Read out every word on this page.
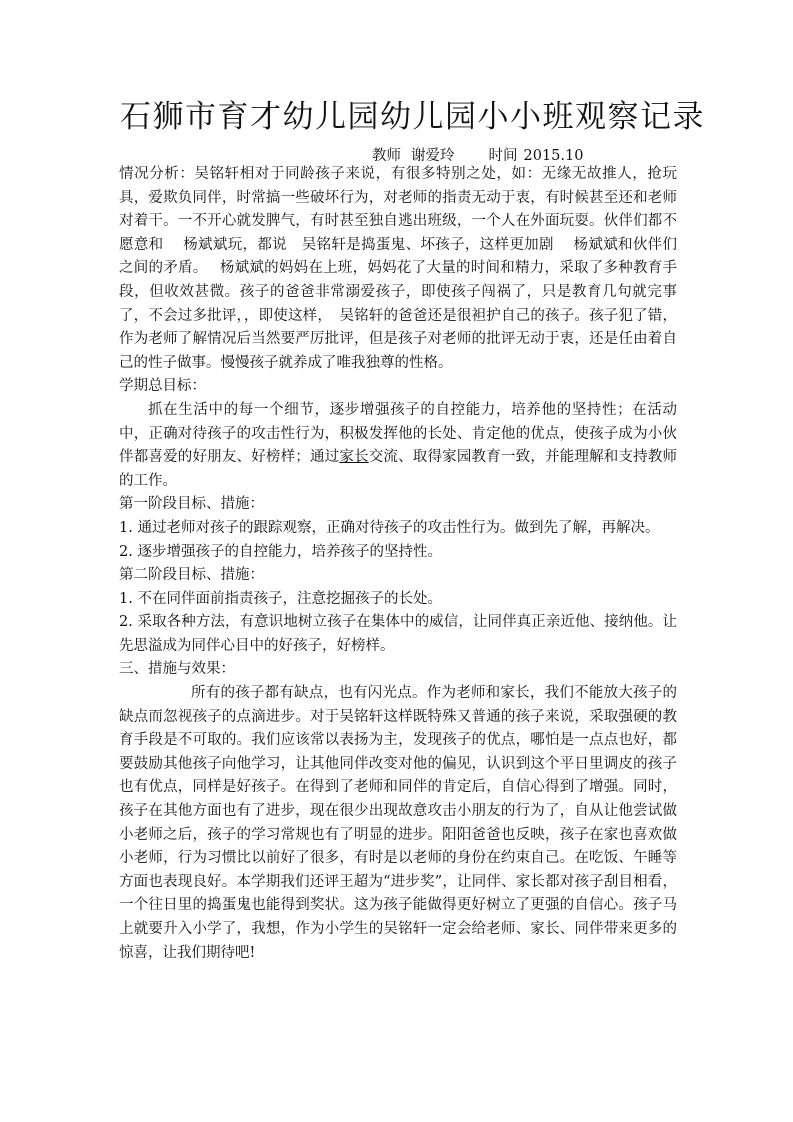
石狮市育才幼儿园幼儿园小小班观察记录
教师 谢爱玲 时间 2015.10

情况分析：吴铭轩相对于同龄孩子来说，有很多特别之处，如：无缘无故推人，抢玩具，爱欺负同伴，时常搞一些破坏行为，对老师的指责无动于衷，有时候甚至还和老师对着干。一不开心就发脾气，有时甚至独自逃出班级，一个人在外面玩耍。伙伴们都不愿意和　 杨斌斌玩，都说　吴铭轩是捣蛋鬼、坏孩子，这样更加剧　 杨斌斌和伙伴们之间的矛盾。　 杨斌斌的妈妈在上班，妈妈花了大量的时间和精力，采取了多种教育手段，但收效甚微。孩子的爸爸非常溺爱孩子，即使孩子闯祸了，只是教育几句就完事了，不会过多批评，，即使这样，　吴铭轩的爸爸还是很袒护自己的孩子。孩子犯了错，作为老师了解情况后当然要严厉批评，但是孩子对老师的批评无动于衷，还是任由着自己的性子做事。慢慢孩子就养成了唯我独尊的性格。

学期总目标：

抓在生活中的每一个细节，逐步增强孩子的自控能力，培养他的坚持性；在活动中，正确对待孩子的攻击性行为，积极发挥他的长处、肯定他的优点，使孩子成为小伙伴都喜爱的好朋友、好榜样；通过家长交流、取得家园教育一致，并能理解和支持教师的工作。

第一阶段目标、措施：

1. 通过老师对孩子的跟踪观察，正确对待孩子的攻击性行为。做到先了解，再解决。

2. 逐步增强孩子的自控能力，培养孩子的坚持性。

第二阶段目标、措施：

1. 不在同伴面前指责孩子，注意挖掘孩子的长处。

2. 采取各种方法，有意识地树立孩子在集体中的威信，让同伴真正亲近他、接纳他。让先思溢成为同伴心目中的好孩子，好榜样。

三、措施与效果：

所有的孩子都有缺点，也有闪光点。作为老师和家长，我们不能放大孩子的缺点而忽视孩子的点滴进步。对于吴铭轩这样既特殊又普通的孩子来说，采取强硬的教育手段是不可取的。我们应该常以表扬为主，发现孩子的优点，哪怕是一点点也好，都要鼓励其他孩子向他学习，让其他同伴改变对他的偏见，认识到这个平日里调皮的孩子也有优点，同样是好孩子。在得到了老师和同伴的肯定后，自信心得到了增强。同时，孩子在其他方面也有了进步，现在很少出现故意攻击小朋友的行为了，自从让他尝试做小老师之后，孩子的学习常规也有了明显的进步。阳阳爸爸也反映，孩子在家也喜欢做小老师，行为习惯比以前好了很多，有时是以老师的身份在约束自己。在吃饭、午睡等方面也表现良好。本学期我们还评王超为“进步奖”，让同伴、家长都对孩子刮目相看，一个往日里的捣蛋鬼也能得到奖状。这为孩子能做得更好树立了更强的自信心。孩子马上就要升入小学了，我想，作为小学生的吴铭轩一定会给老师、家长、同伴带来更多的惊喜，让我们期待吧!
